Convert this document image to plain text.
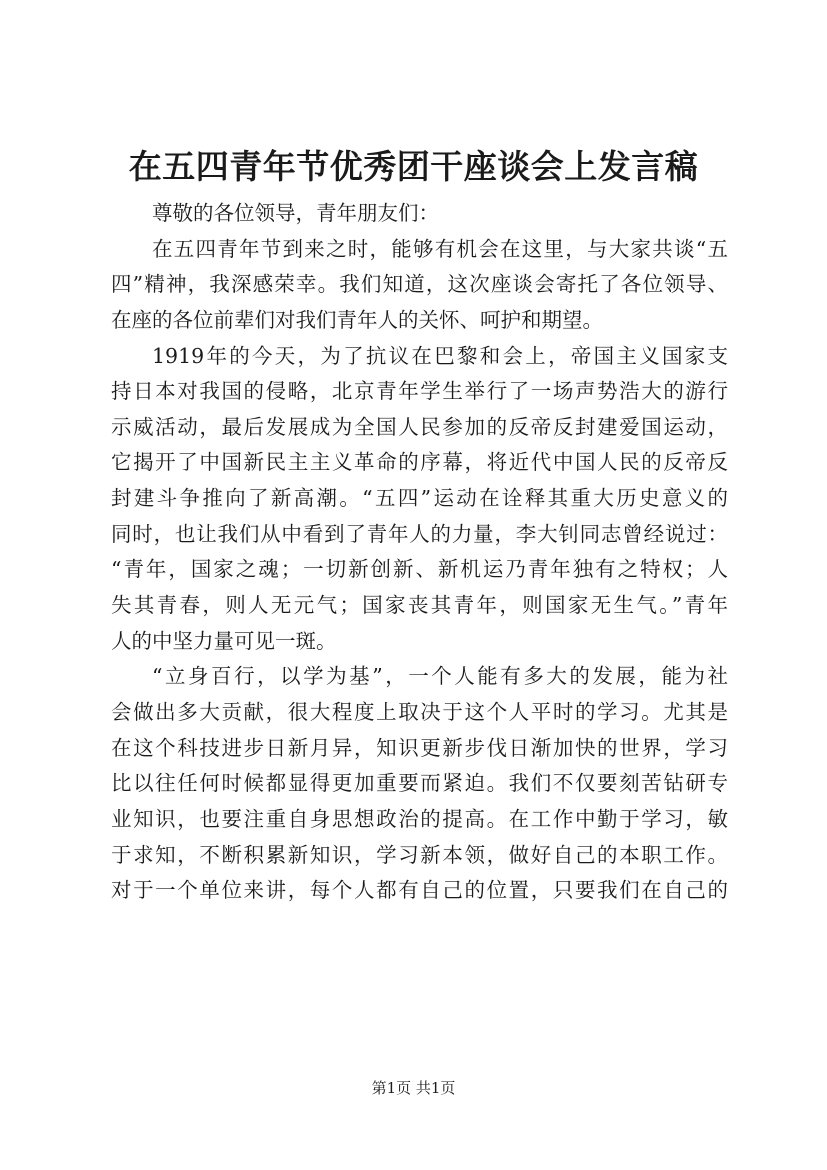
在五四青年节优秀团干座谈会上发言稿
尊敬的各位领导，青年朋友们：
在五四青年节到来之时，能够有机会在这里，与大家共谈“五
四”精神，我深感荣幸。我们知道，这次座谈会寄托了各位领导、
在座的各位前辈们对我们青年人的关怀、呵护和期望。
1919年的今天，为了抗议在巴黎和会上，帝国主义国家支
持日本对我国的侵略，北京青年学生举行了一场声势浩大的游行
示威活动，最后发展成为全国人民参加的反帝反封建爱国运动，
它揭开了中国新民主主义革命的序幕，将近代中国人民的反帝反
封建斗争推向了新高潮。“五四”运动在诠释其重大历史意义的
同时，也让我们从中看到了青年人的力量，李大钊同志曾经说过：
“青年，国家之魂；一切新创新、新机运乃青年独有之特权；人
失其青春，则人无元气；国家丧其青年，则国家无生气。”青年
人的中坚力量可见一斑。
“立身百行，以学为基”，一个人能有多大的发展，能为社
会做出多大贡献，很大程度上取决于这个人平时的学习。尤其是
在这个科技进步日新月异，知识更新步伐日渐加快的世界，学习
比以往任何时候都显得更加重要而紧迫。我们不仅要刻苦钻研专
业知识，也要注重自身思想政治的提高。在工作中勤于学习，敏
于求知，不断积累新知识，学习新本领，做好自己的本职工作。
对于一个单位来讲，每个人都有自己的位置，只要我们在自己的
第1页 共1页
